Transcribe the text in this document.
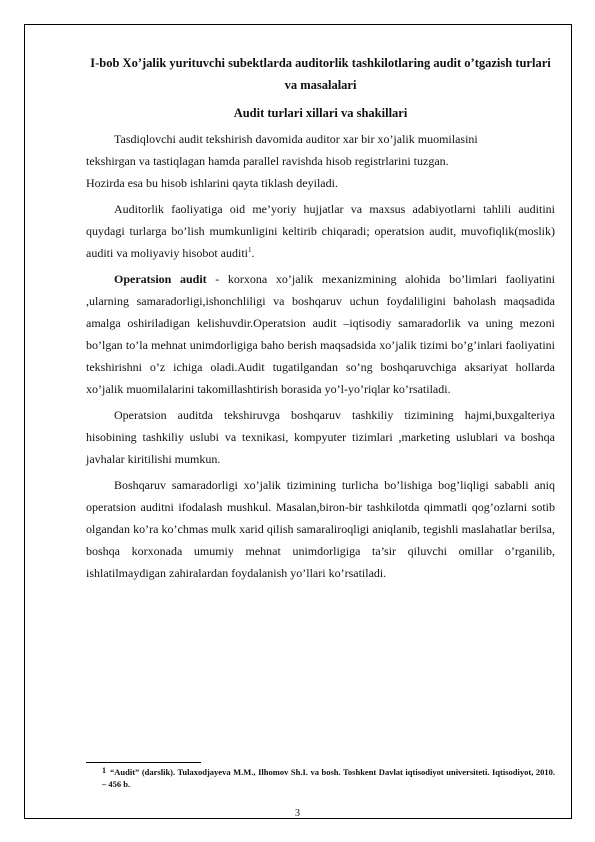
I-bob Xo’jalik yurituvchi subektlarda auditorlik tashkilotlaring audit o’tgazish turlari va masalalari
Audit turlari xillari va shakillari

Tasdiqlovchi audit tekshirish davomida auditor xar bir xo’jalik muomilasini

tekshirgan va tastiqlagan hamda parallel ravishda hisob registrlarini tuzgan.
Hozirda esa bu hisob ishlarini qayta tiklash deyiladi.

Auditorlik faoliyatiga oid me’yoriy hujjatlar va maxsus adabiyotlarni tahlili auditini quydagi turlarga bo’lish mumkunligini keltirib chiqaradi; operatsion audit, muvofiqlik(moslik) auditi va moliyaviy hisobot auditi$^1$.

Operatsion audit - korxona xo’jalik mexanizmining alohida bo’limlari faoliyatini ,ularning samaradorligi,ishonchliligi va boshqaruv uchun foydaliligini baholash maqsadida amalga oshiriladigan kelishuvdir.Operatsion audit –iqtisodiy samaradorlik va uning mezoni bo’lgan to’la mehnat unimdorligiga baho berish maqsadsida xo’jalik tizimi bo’g’inlari faoliyatini tekshirishni o’z ichiga oladi.Audit tugatilgandan so’ng boshqaruvchiga aksariyat hollarda xo’jalik muomilalarini takomillashtirish borasida yo’l-yo’riqlar ko’rsatiladi.

Operatsion auditda tekshiruvga boshqaruv tashkiliy tizimining hajmi,buxgalteriya hisobining tashkiliy uslubi va texnikasi, kompyuter tizimlari ,marketing uslublari va boshqa javhalar kiritilishi mumkun.

Boshqaruv samaradorligi xo’jalik tizimining turlicha bo’lishiga bog’liqligi sababli aniq operatsion auditni ifodalash mushkul. Masalan,biron-bir tashkilotda qimmatli qog’ozlarni sotib olgandan ko’ra ko’chmas mulk xarid qilish samaraliroqligi aniqlanib, tegishli maslahatlar berilsa, boshqa korxonada umumiy mehnat unimdorligiga ta’sir qiluvchi omillar o’rganilib, ishlatilmaydigan zahiralardan foydalanish yo’llari ko’rsatiladi.

$^1$ “Audit” (darslik). Tulaxodjayeva M.M., Ilhomov Sh.I. va bosh. Toshkent Davlat iqtisodiyot universiteti. Iqtisodiyot, 2010. – 456 b.
3
